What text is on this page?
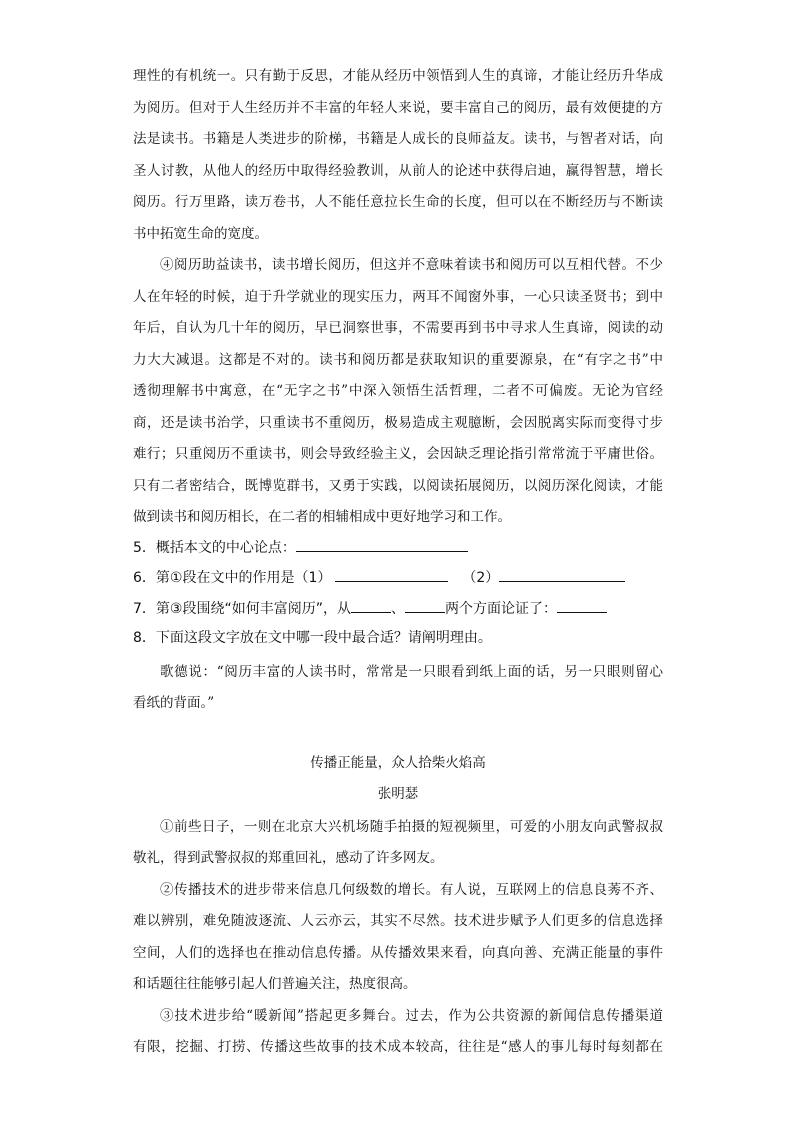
理性的有机统一。只有勤于反思，才能从经历中领悟到人生的真谛，才能让经历升华成
为阅历。但对于人生经历并不丰富的年轻人来说，要丰富自己的阅历，最有效便捷的方
法是读书。书籍是人类进步的阶梯，书籍是人成长的良师益友。读书，与智者对话，向
圣人讨教，从他人的经历中取得经验教训，从前人的论述中获得启迪，赢得智慧，增长
阅历。行万里路，读万卷书，人不能任意拉长生命的长度，但可以在不断经历与不断读
书中拓宽生命的宽度。
④阅历助益读书，读书增长阅历，但这并不意味着读书和阅历可以互相代替。不少
人在年轻的时候，迫于升学就业的现实压力，两耳不闻窗外事，一心只读圣贤书；到中
年后，自认为几十年的阅历，早已洞察世事，不需要再到书中寻求人生真谛，阅读的动
力大大减退。这都是不对的。读书和阅历都是获取知识的重要源泉，在“有字之书”中
透彻理解书中寓意，在“无字之书”中深入领悟生活哲理，二者不可偏废。无论为官经
商，还是读书治学，只重读书不重阅历，极易造成主观臆断，会因脱离实际而变得寸步
难行；只重阅历不重读书，则会导致经验主义，会因缺乏理论指引常常流于平庸世俗。
只有二者密结合，既博览群书，又勇于实践，以阅读拓展阅历，以阅历深化阅读，才能
做到读书和阅历相长，在二者的相辅相成中更好地学习和工作。
5．概括本文的中心论点：
6．第①段在文中的作用是（1）	（2）
7．第③段围绕“如何丰富阅历”，从	、	两个方面论证了：
8．下面这段文字放在文中哪一段中最合适？请阐明理由。
歌德说：“阅历丰富的人读书时，常常是一只眼看到纸上面的话，另一只眼则留心
看纸的背面。”
传播正能量，众人拾柴火焰高
张明瑟
①前些日子，一则在北京大兴机场随手拍摄的短视频里，可爱的小朋友向武警叔叔
敬礼，得到武警叔叔的郑重回礼，感动了许多网友。
②传播技术的进步带来信息几何级数的增长。有人说，互联网上的信息良莠不齐、
难以辨别，难免随波逐流、人云亦云，其实不尽然。技术进步赋予人们更多的信息选择
空间，人们的选择也在推动信息传播。从传播效果来看，向真向善、充满正能量的事件
和话题往往能够引起人们普遍关注，热度很高。
③技术进步给“暖新闻”搭起更多舞台。过去，作为公共资源的新闻信息传播渠道
有限，挖掘、打捞、传播这些故事的技术成本较高，往往是“感人的事儿每时每刻都在
